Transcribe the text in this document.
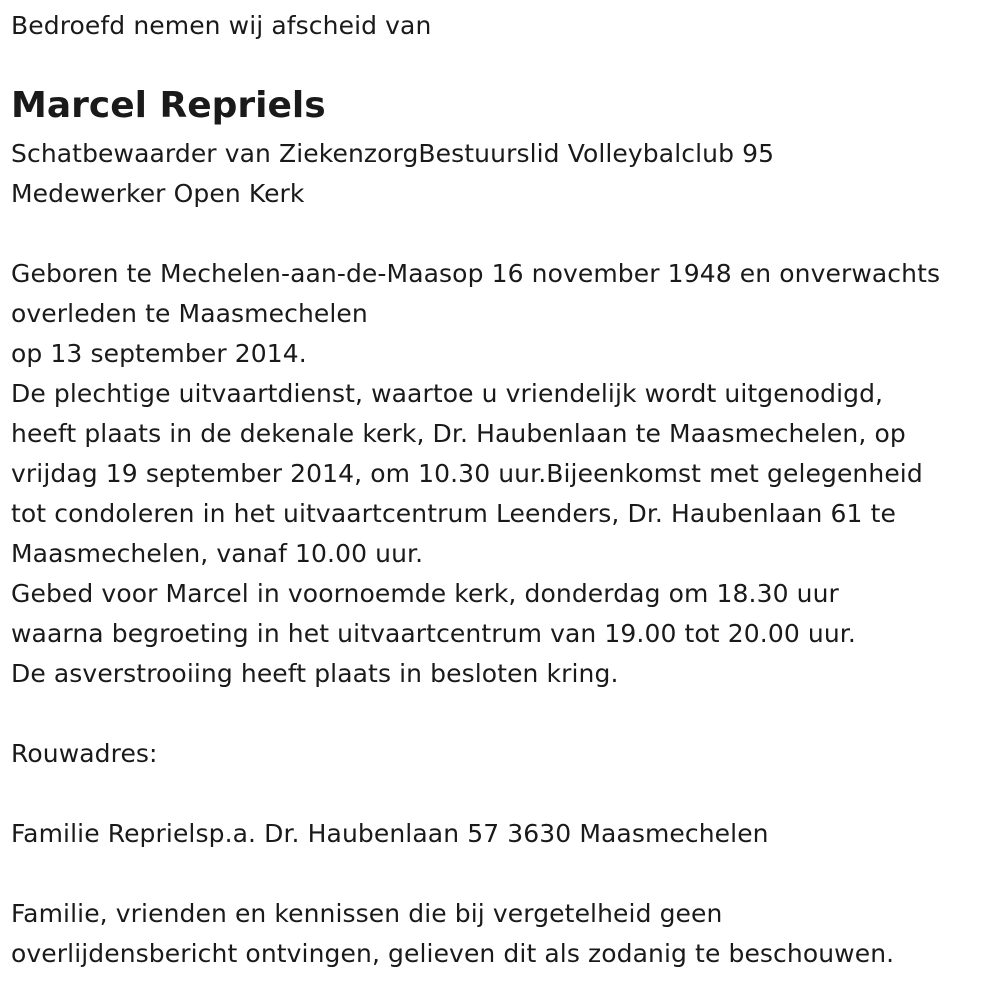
Bedroefd nemen wij afscheid van
Marcel Repriels
Schatbewaarder van ZiekenzorgBestuurslid Volleybalclub 95
Medewerker Open Kerk
Geboren te Mechelen-aan-de-Maasop 16 november 1948 en onverwachts
overleden te Maasmechelen
op 13 september 2014.
De plechtige uitvaartdienst, waartoe u vriendelijk wordt uitgenodigd,
heeft plaats in de dekenale kerk, Dr. Haubenlaan te Maasmechelen, op
vrijdag 19 september 2014, om 10.30 uur.Bijeenkomst met gelegenheid
tot condoleren in het uitvaartcentrum Leenders, Dr. Haubenlaan 61 te
Maasmechelen, vanaf 10.00 uur.
Gebed voor Marcel in voornoemde kerk, donderdag om 18.30 uur
waarna begroeting in het uitvaartcentrum van 19.00 tot 20.00 uur.
De asverstrooiing heeft plaats in besloten kring.
Rouwadres:
Familie Reprielsp.a. Dr. Haubenlaan 57 3630 Maasmechelen
Familie, vrienden en kennissen die bij vergetelheid geen
overlijdensbericht ontvingen, gelieven dit als zodanig te beschouwen.
